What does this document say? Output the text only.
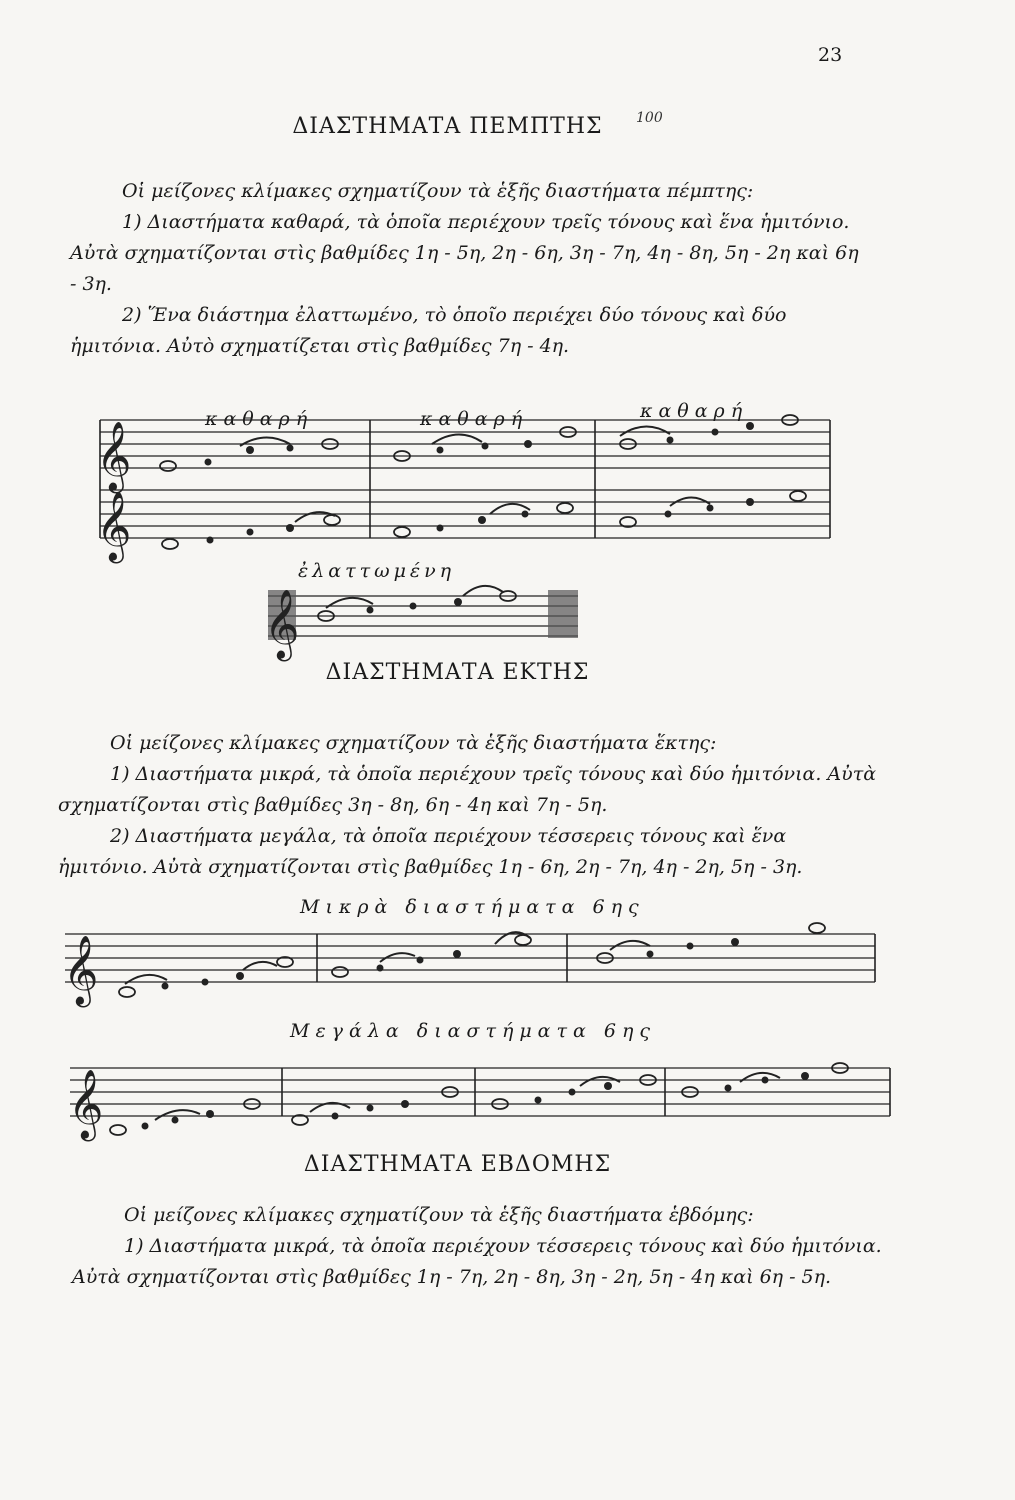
23
ΔΙΑΣΤΗΜΑΤΑ ΠΕΜΠΤΗΣ	100

Οἱ μείζονες κλίμακες σχηματίζουν τὰ ἑξῆς διαστήματα πέμπτης:

1) Διαστήματα καθαρά, τὰ ὁποῖα περιέχουν τρεῖς τόνους καὶ ἕνα ἡμιτόνιο. Αὐτὰ σχηματίζονται στὶς βαθμίδες 1η - 5η, 2η - 6η, 3η - 7η, 4η - 8η, 5η - 2η καὶ 6η - 3η.

2) Ἕνα διάστημα ἐλαττωμένο, τὸ ὁποῖο περιέχει δύο τόνους καὶ δύο ἡμιτόνια. Αὐτὸ σχηματίζεται στὶς βαθμίδες 7η - 4η.

καθαρή	καθαρή	καθαρή
𝄞
𝄞
ἐλαττωμένη
𝄞
ΔΙΑΣΤΗΜΑΤΑ ΕΚΤΗΣ

Οἱ μείζονες κλίμακες σχηματίζουν τὰ ἑξῆς διαστήματα ἕκτης:

1) Διαστήματα μικρά, τὰ ὁποῖα περιέχουν τρεῖς τόνους καὶ δύο ἡμιτόνια. Αὐτὰ σχηματίζονται στὶς βαθμίδες 3η - 8η, 6η - 4η καὶ 7η - 5η.

2) Διαστήματα μεγάλα, τὰ ὁποῖα περιέχουν τέσσερεις τόνους καὶ ἕνα ἡμιτόνιο. Αὐτὰ σχηματίζονται στὶς βαθμίδες 1η - 6η, 2η - 7η, 4η - 2η, 5η - 3η.

Μικρὰ διαστήματα 6ης
𝄞
Μεγάλα διαστήματα 6ης
𝄞
ΔΙΑΣΤΗΜΑΤΑ ΕΒΔΟΜΗΣ

Οἱ μείζονες κλίμακες σχηματίζουν τὰ ἑξῆς διαστήματα ἑβδόμης:

1) Διαστήματα μικρά, τὰ ὁποῖα περιέχουν τέσσερεις τόνους καὶ δύο ἡμιτόνια. Αὐτὰ σχηματίζονται στὶς βαθμίδες 1η - 7η, 2η - 8η, 3η - 2η, 5η - 4η καὶ 6η - 5η.
